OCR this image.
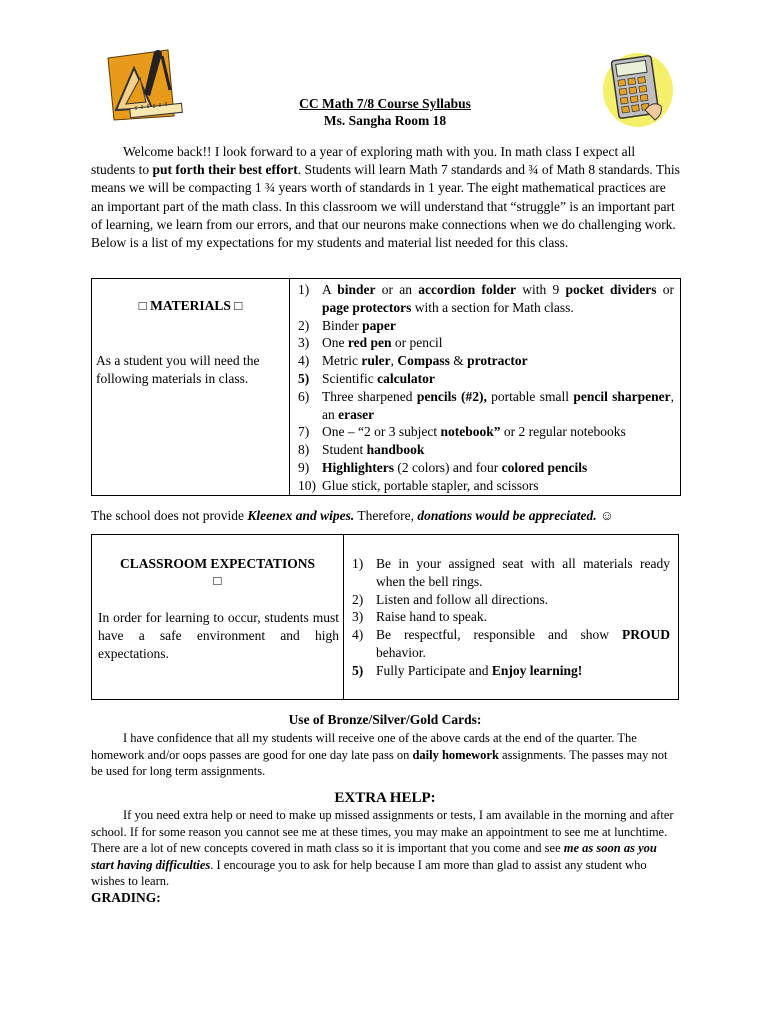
CC Math 7/8 Course Syllabus
Ms. Sangha Room 18
Welcome back!! I look forward to a year of exploring math with you. In math class I expect all students to put forth their best effort. Students will learn Math 7 standards and ¾ of Math 8 standards. This means we will be compacting 1 ¾ years worth of standards in 1 year. The eight mathematical practices are an important part of the math class. In this classroom we will understand that “struggle” is an important part of learning, we learn from our errors, and that our neurons make connections when we do challenging work. Below is a list of my expectations for my students and material list needed for this class.
□ MATERIALS □
As a student you will need the following materials in class.
1) A binder or an accordion folder with 9 pocket dividers or page protectors with a section for Math class.
2) Binder paper
3) One red pen or pencil
4) Metric ruler, Compass & protractor
5) Scientific calculator
6) Three sharpened pencils (#2), portable small pencil sharpener, an eraser
7) One – “2 or 3 subject notebook” or 2 regular notebooks
8) Student handbook
9) Highlighters (2 colors) and four colored pencils
10) Glue stick, portable stapler, and scissors
The school does not provide Kleenex and wipes. Therefore, donations would be appreciated. ☺
CLASSROOM EXPECTATIONS
□
In order for learning to occur, students must have a safe environment and high expectations.
1) Be in your assigned seat with all materials ready when the bell rings.
2) Listen and follow all directions.
3) Raise hand to speak.
4) Be respectful, responsible and show PROUD behavior.
5) Fully Participate and Enjoy learning!
Use of Bronze/Silver/Gold Cards:
I have confidence that all my students will receive one of the above cards at the end of the quarter. The homework and/or oops passes are good for one day late pass on daily homework assignments. The passes may not be used for long term assignments.
EXTRA HELP:
If you need extra help or need to make up missed assignments or tests, I am available in the morning and after school. If for some reason you cannot see me at these times, you may make an appointment to see me at lunchtime. There are a lot of new concepts covered in math class so it is important that you come and see me as soon as you start having difficulties. I encourage you to ask for help because I am more than glad to assist any student who wishes to learn.
GRADING:
